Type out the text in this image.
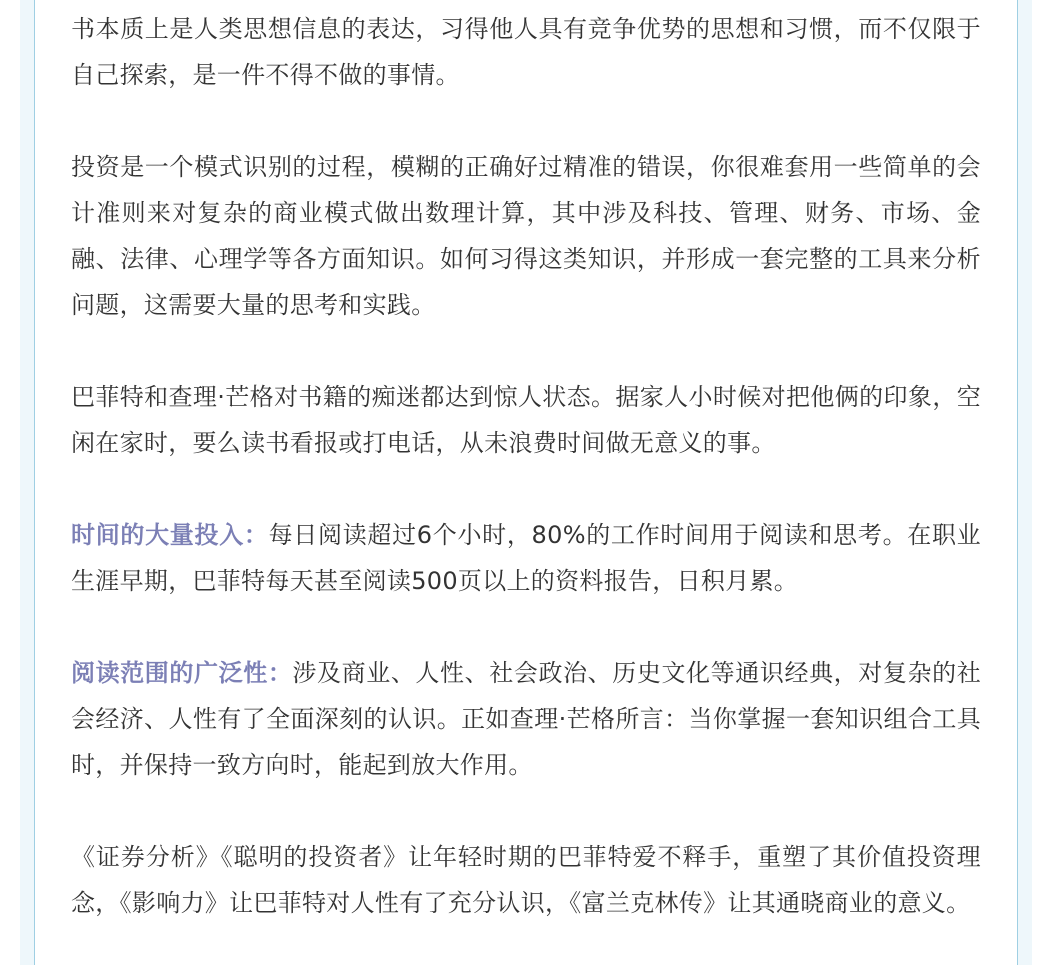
书本质上是人类思想信息的表达，习得他人具有竞争优势的思想和习惯，而不仅限于自己探索，是一件不得不做的事情。

投资是一个模式识别的过程，模糊的正确好过精准的错误，你很难套用一些简单的会计准则来对复杂的商业模式做出数理计算，其中涉及科技、管理、财务、市场、金融、法律、心理学等各方面知识。如何习得这类知识，并形成一套完整的工具来分析问题，这需要大量的思考和实践。

巴菲特和查理·芒格对书籍的痴迷都达到惊人状态。据家人小时候对把他俩的印象，空闲在家时，要么读书看报或打电话，从未浪费时间做无意义的事。

时间的大量投入：每日阅读超过6个小时，80%的工作时间用于阅读和思考。在职业生涯早期，巴菲特每天甚至阅读500页以上的资料报告，日积月累。

阅读范围的广泛性：涉及商业、人性、社会政治、历史文化等通识经典，对复杂的社会经济、人性有了全面深刻的认识。正如查理·芒格所言：当你掌握一套知识组合工具时，并保持一致方向时，能起到放大作用。

《证券分析》《聪明的投资者》让年轻时期的巴菲特爱不释手，重塑了其价值投资理念，《影响力》让巴菲特对人性有了充分认识，《富兰克林传》让其通晓商业的意义。
